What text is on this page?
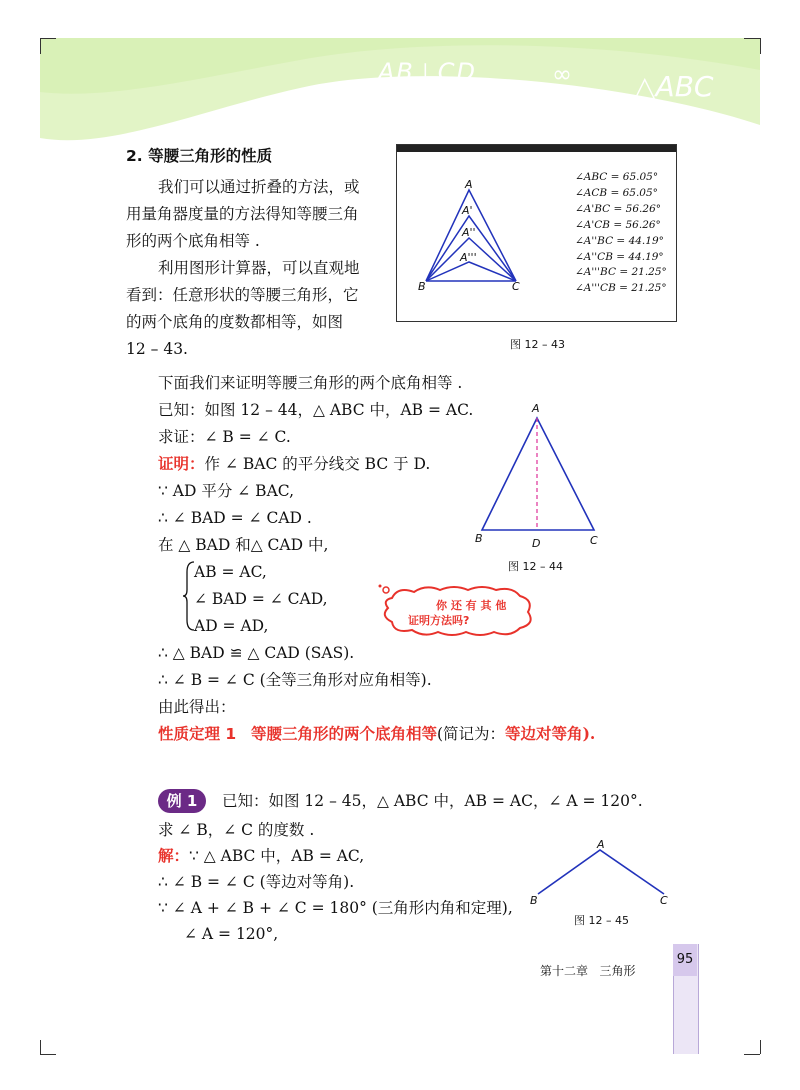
AB⊥CD	∞ △ABC
2. 等腰三角形的性质
我们可以通过折叠的方法，或
用量角器度量的方法得知等腰三角
形的两个底角相等 .
利用图形计算器，可以直观地
看到：任意形状的等腰三角形，它
的两个底角的度数都相等，如图
12 – 43.
A
A'
A''
A'''
B	C
∠ABC = 65.05°
∠ACB = 65.05°
∠A'BC = 56.26°
∠A'CB = 56.26°
∠A''BC = 44.19°
∠A''CB = 44.19°
∠A'''BC = 21.25°
∠A'''CB = 21.25°
图 12 – 43
下面我们来证明等腰三角形的两个底角相等 .
已知：如图 12 – 44，△ ABC 中，AB = AC.
求证：∠ B = ∠ C.
证明：作 ∠ BAC 的平分线交 BC 于 D.
∵ AD 平分 ∠ BAC,
∴ ∠ BAD = ∠ CAD .
在 △ BAD 和△ CAD 中,
AB = AC,
∠ BAD = ∠ CAD,
AD = AD,
你 还 有 其 他
证明方法吗?
∴ △ BAD ≌ △ CAD (SAS).
∴ ∠ B = ∠ C (全等三角形对应角相等).
由此得出：
性质定理 1 等腰三角形的两个底角相等(简记为：等边对等角).
A
B	D	C
图 12 – 44
例 1	已知：如图 12 – 45，△ ABC 中，AB = AC，∠ A = 120°.
求 ∠ B，∠ C 的度数 .
解：∵ △ ABC 中，AB = AC,
∴ ∠ B = ∠ C (等边对等角).
∵ ∠ A + ∠ B + ∠ C = 180° (三角形内角和定理),
∠ A = 120°,
A
B	C
图 12 – 45
95
第十二章   三角形
